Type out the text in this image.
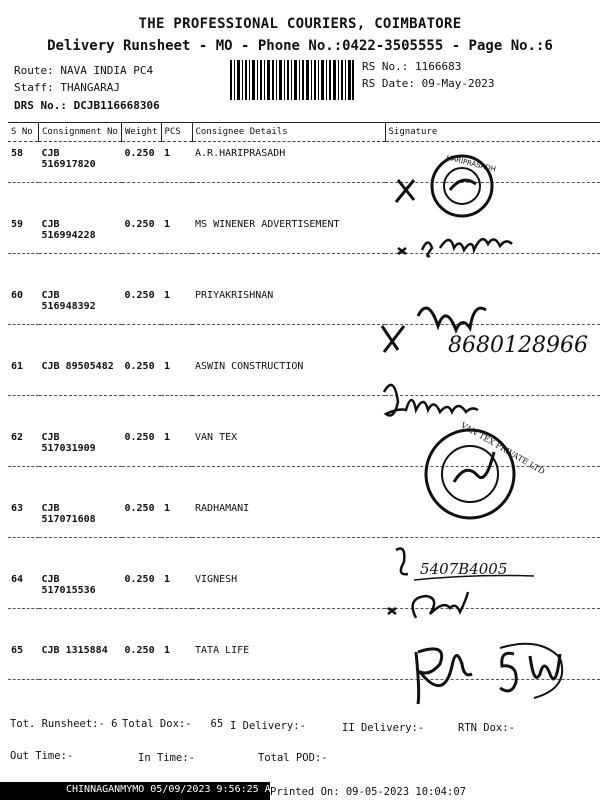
THE PROFESSIONAL COURIERS, COIMBATORE
Delivery Runsheet - MO - Phone No.:0422-3505555 - Page No.:6
Route: NAVA INDIA PC4
Staff: THANGARAJ
DRS No.: DCJB116668306
RS No.: 1166683
RS Date: 09-May-2023
S No	Consignment No	Weight	PCS	Consignee Details	Signature
58	CJB 516917820	0.250	1	A.R.HARIPRASADH	
59	CJB 516994228	0.250	1	MS WINENER ADVERTISEMENT	
60	CJB 516948392	0.250	1	PRIYAKRISHNAN	
61	CJB 89505482	0.250	1	ASWIN CONSTRUCTION	
62	CJB 517031909	0.250	1	VAN TEX	
63	CJB 517071608	0.250	1	RADHAMANI	
64	CJB 517015536	0.250	1	VIGNESH	
65	CJB 1315884	0.250	1	TATA LIFE	
HARIPRASADH
8680128966
VAN TEX PRIVATE LTD
5407B4005
Tot. Runsheet:- 6 Total Dox:-   65 I Delivery:-	II Delivery:-	RTN Dox:-
Out Time:-	In Time:-	Total POD:-
CHINNAGANMYMO 05/09/2023 9:56:25 AM
Printed On: 09-05-2023 10:04:07
